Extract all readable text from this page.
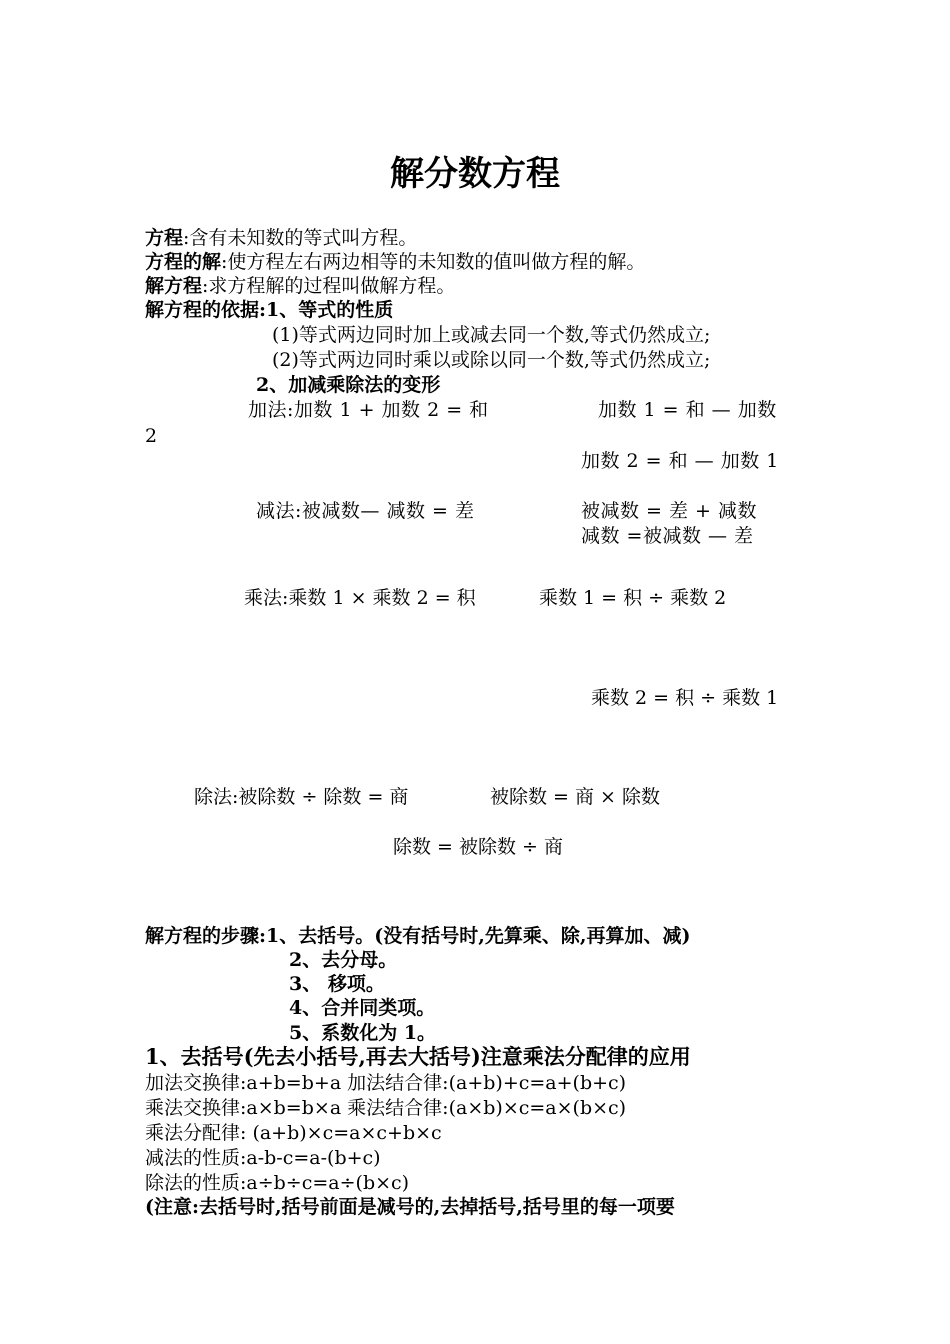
解分数方程
方程:含有未知数的等式叫方程。
方程的解:使方程左右两边相等的未知数的值叫做方程的解。
解方程:求方程解的过程叫做解方程。
解方程的依据:1、等式的性质
(1)等式两边同时加上或减去同一个数,等式仍然成立;
(2)等式两边同时乘以或除以同一个数,等式仍然成立;
2、加减乘除法的变形
加法:加数 1 + 加数 2 = 和	加数 1 = 和 — 加数
2
加数 2 = 和 — 加数 1
减法:被减数— 减数 = 差	被减数 = 差 + 减数
减数 =被减数 — 差
乘法:乘数 1 × 乘数 2 = 积	乘数 1 = 积 ÷ 乘数 2
乘数 2 = 积 ÷ 乘数 1
除法:被除数 ÷ 除数 = 商	被除数 = 商 × 除数
除数 = 被除数 ÷ 商
解方程的步骤:1、去括号。(没有括号时,先算乘、除,再算加、减)
2、去分母。
3、 移项。
4、合并同类项。
5、系数化为 1。
1、去括号(先去小括号,再去大括号)注意乘法分配律的应用
加法交换律:a+b=b+a 加法结合律:(a+b)+c=a+(b+c)
乘法交换律:a×b=b×a 乘法结合律:(a×b)×c=a×(b×c)
乘法分配律: (a+b)×c=a×c+b×c
减法的性质:a-b-c=a-(b+c)
除法的性质:a÷b÷c=a÷(b×c)
(注意:去括号时,括号前面是减号的,去掉括号,括号里的每一项要
